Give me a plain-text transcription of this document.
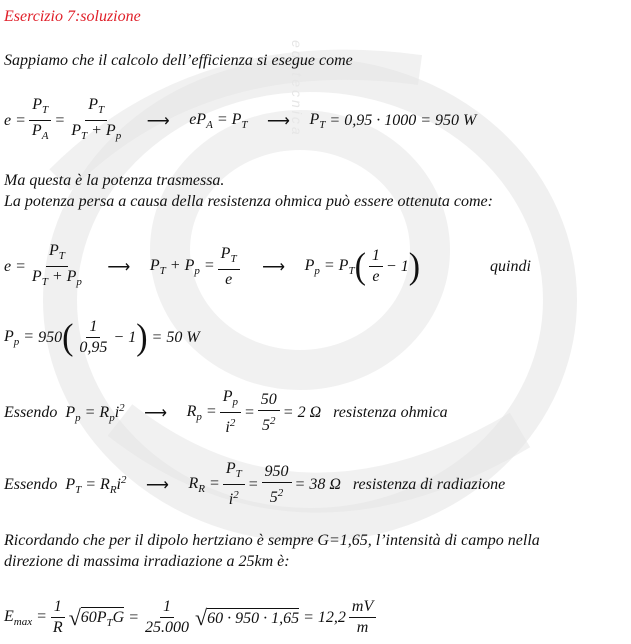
edutecnica
Esercizio 7:soluzione
Sappiamo che il calcolo dell’efficienza si esegue come
$e = \frac{P_T}{P_A} = \frac{P_T}{P_T + P_p}$	⟶	$eP_A = P_T$	⟶	$P_T = 0,95 \cdot 1000 = 950$ W
Ma questa è la potenza trasmessa.
La potenza persa a causa della resistenza ohmica può essere ottenuta come:
$e = \frac{P_T}{P_T + P_p}$	⟶	$P_T + P_p = \frac{P_T}{e}$	⟶	$P_p = P_T$ ( $\frac{1}{e} - 1$ )	quindi
$P_p = 950$ ( $\frac{1}{0,95} - 1$ )
= 50 W
Essendo $P_p = R_pi^2$	⟶	$R_p = \frac{P_p}{i^2} = \frac{50}{5^2} = 2$ Ω
resistenza ohmica
Essendo $P_T = R_Ri^2$	⟶	$R_R = \frac{P_T}{i^2} = \frac{950}{5^2} = 38$ Ω
resistenza di radiazione
Ricordando che per il dipolo hertziano è sempre G=1,65, l’intensità di campo nella
direzione di massima irradiazione a 25km è:
$E_{max} = \frac{1}{R}$ √ $60P_TG = \frac{1}{25.000}$ √ 60 · 950 · 1,65
= $12,2 \frac{mV}{m}$
